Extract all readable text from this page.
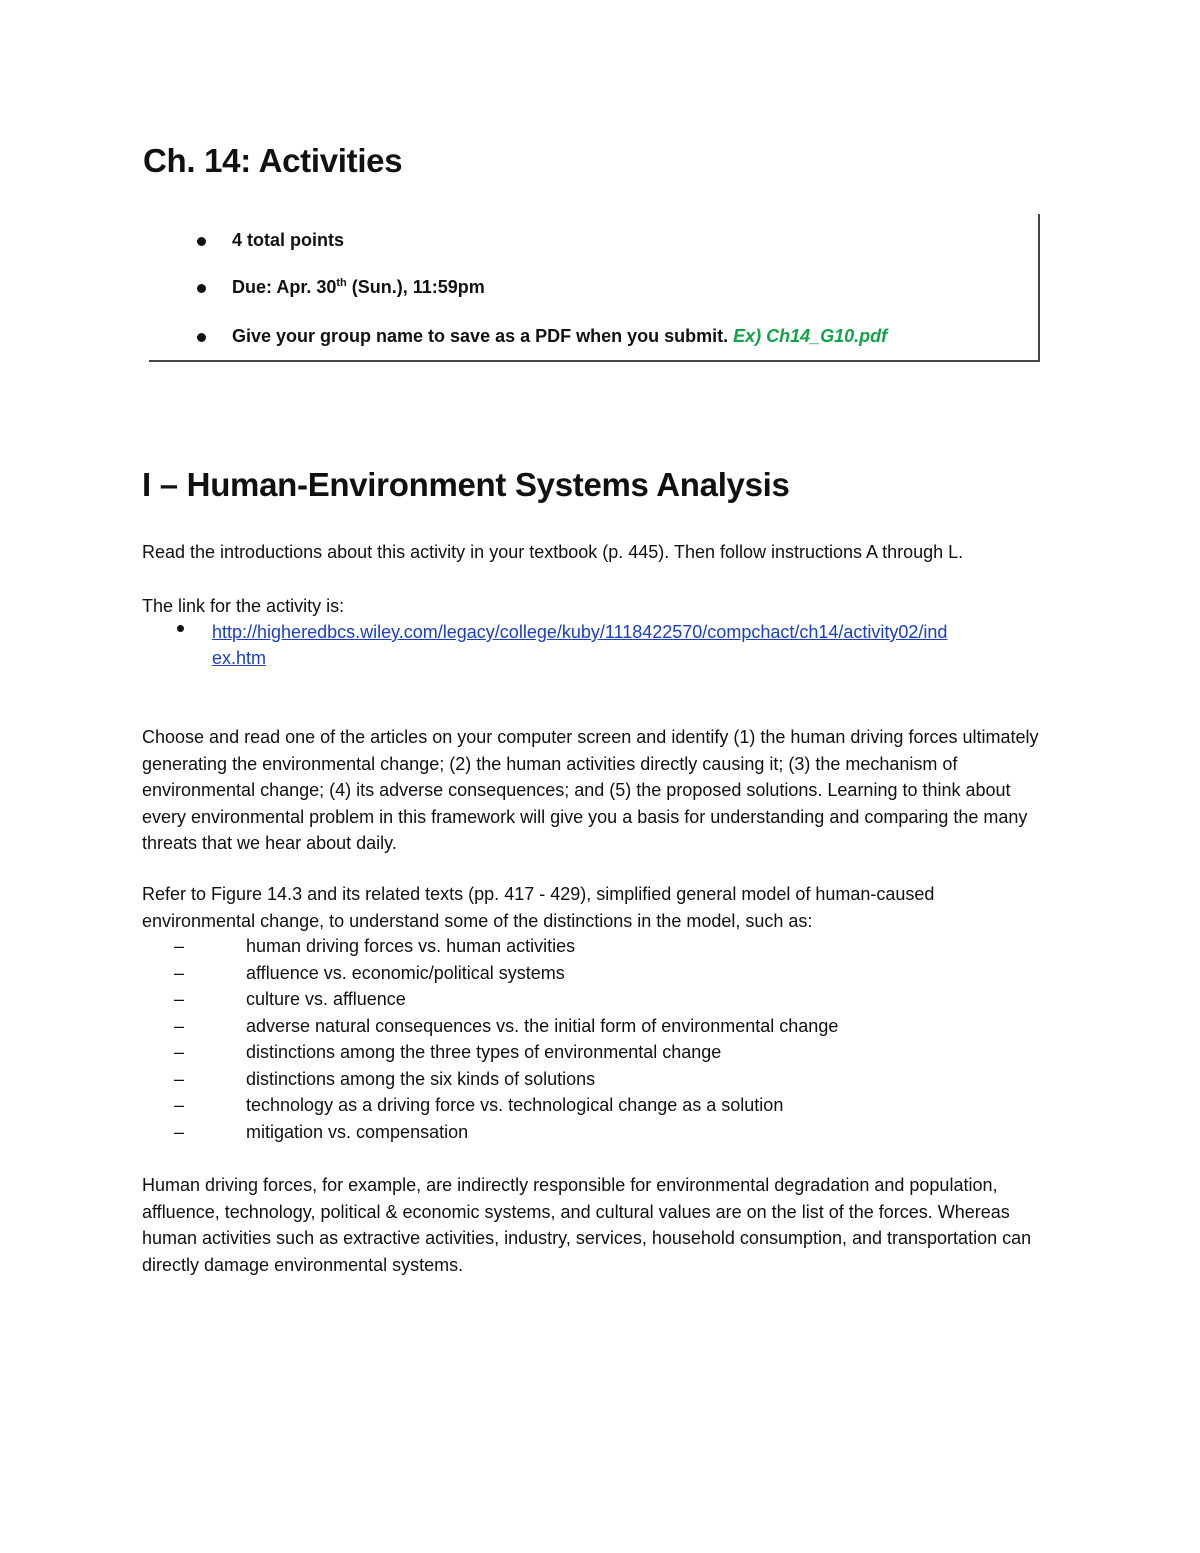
Ch. 14: Activities
4 total points
Due: Apr. 30th (Sun.), 11:59pm
Give your group name to save as a PDF when you submit. Ex) Ch14_G10.pdf
I – Human-Environment Systems Analysis

Read the introductions about this activity in your textbook (p. 445). Then follow instructions A through L.

The link for the activity is:

http://higheredbcs.wiley.com/legacy/college/kuby/1118422570/compchact/ch14/activity02/ind
ex.htm

Choose and read one of the articles on your computer screen and identify (1) the human driving forces ultimately generating the environmental change; (2) the human activities directly causing it; (3) the mechanism of environmental change; (4) its adverse consequences; and (5) the proposed solutions. Learning to think about every environmental problem in this framework will give you a basis for understanding and comparing the many threats that we hear about daily.

Refer to Figure 14.3 and its related texts (pp. 417 - 429), simplified general model of human-caused environmental change, to understand some of the distinctions in the model, such as:

–	human driving forces vs. human activities
–	affluence vs. economic/political systems
–	culture vs. affluence
–	adverse natural consequences vs. the initial form of environmental change
–	distinctions among the three types of environmental change
–	distinctions among the six kinds of solutions
–	technology as a driving force vs. technological change as a solution
–	mitigation vs. compensation

Human driving forces, for example, are indirectly responsible for environmental degradation and population, affluence, technology, political & economic systems, and cultural values are on the list of the forces. Whereas human activities such as extractive activities, industry, services, household consumption, and transportation can directly damage environmental systems.
